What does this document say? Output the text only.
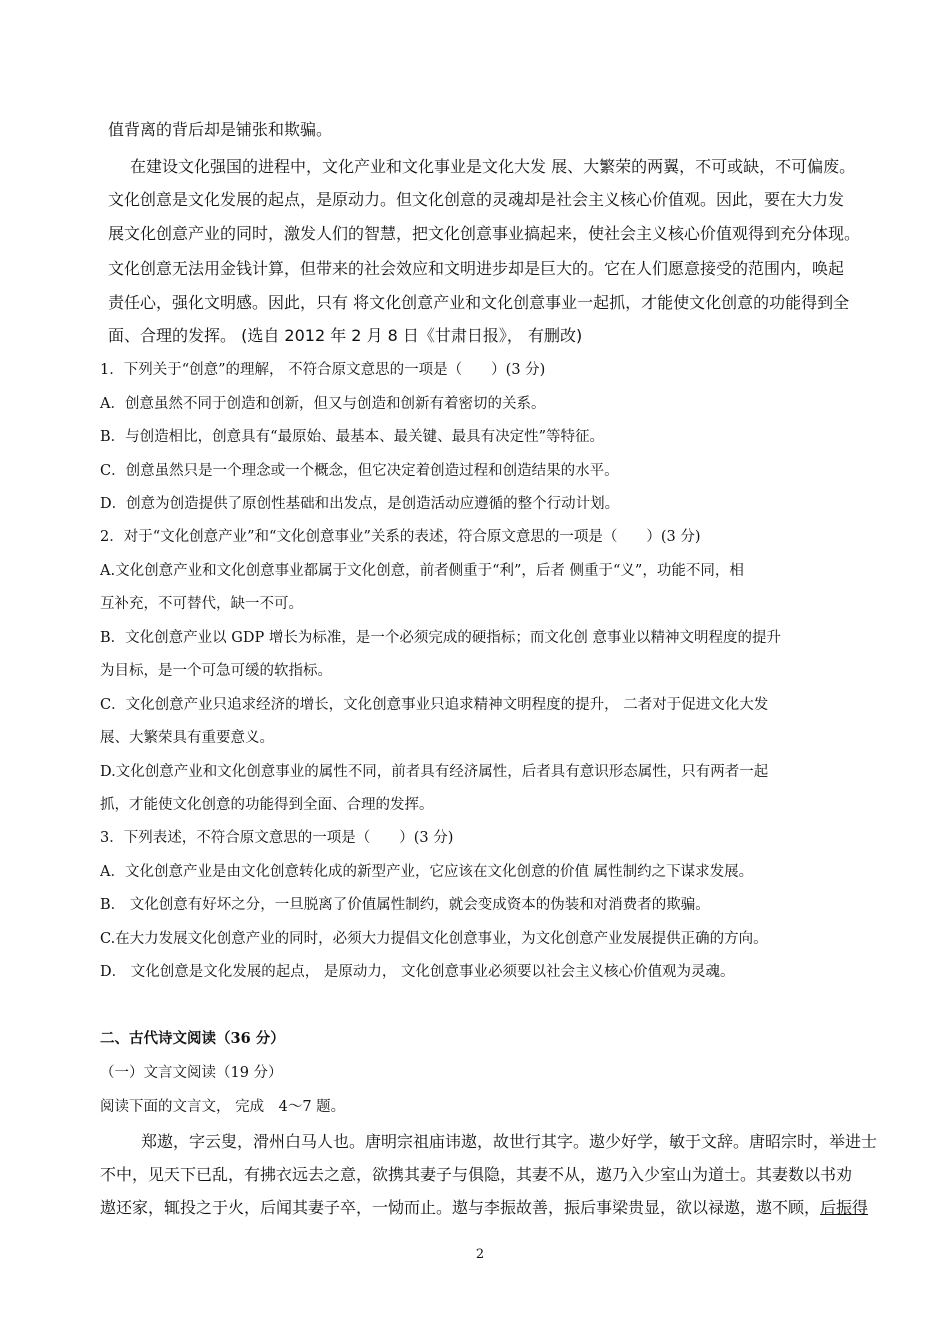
值背离的背后却是铺张和欺骗。
在建设文化强国的进程中，文化产业和文化事业是文化大发 展、大繁荣的两翼，不可或缺，不可偏废。
文化创意是文化发展的起点，是原动力。但文化创意的灵魂却是社会主义核心价值观。因此，要在大力发
展文化创意产业的同时，激发人们的智慧，把文化创意事业搞起来，使社会主义核心价值观得到充分体现。
文化创意无法用金钱计算，但带来的社会效应和文明进步却是巨大的。它在人们愿意接受的范围内，唤起
责任心，强化文明感。因此，只有 将文化创意产业和文化创意事业一起抓，才能使文化创意的功能得到全
面、合理的发挥。 (选自 2012 年 2 月 8 日《甘肃日报》， 有删改)
1．下列关于“创意”的理解， 不符合原文意思的一项是（　　）(3 分)
A．创意虽然不同于创造和创新，但又与创造和创新有着密切的关系。
B．与创造相比，创意具有“最原始、最基本、最关键、最具有决定性”等特征。
C．创意虽然只是一个理念或一个概念，但它决定着创造过程和创造结果的水平。
D．创意为创造提供了原创性基础和出发点，是创造活动应遵循的整个行动计划。
2．对于“文化创意产业”和“文化创意事业”关系的表述，符合原文意思的一项是（　　）(3 分)
A.文化创意产业和文化创意事业都属于文化创意，前者侧重于“利”，后者 侧重于“义”，功能不同，相
互补充，不可替代，缺一不可。
B．文化创意产业以 GDP 增长为标准，是一个必须完成的硬指标；而文化创 意事业以精神文明程度的提升
为目标，是一个可急可缓的软指标。
C．文化创意产业只追求经济的增长，文化创意事业只追求精神文明程度的提升， 二者对于促进文化大发
展、大繁荣具有重要意义。
D.文化创意产业和文化创意事业的属性不同，前者具有经济属性，后者具有意识形态属性，只有两者一起
抓，才能使文化创意的功能得到全面、合理的发挥。
3．下列表述，不符合原文意思的一项是（　　）(3 分)
A．文化创意产业是由文化创意转化成的新型产业，它应该在文化创意的价值 属性制约之下谋求发展。
B． 文化创意有好坏之分，一旦脱离了价值属性制约，就会变成资本的伪装和对消费者的欺骗。
C.在大力发展文化创意产业的同时，必须大力提倡文化创意事业，为文化创意产业发展提供正确的方向。
D． 文化创意是文化发展的起点， 是原动力， 文化创意事业必须要以社会主义核心价值观为灵魂。
二、古代诗文阅读（36 分）
（一）文言文阅读（19 分）
阅读下面的文言文， 完成　4～7 题。
郑遨，字云叟，滑州白马人也。唐明宗祖庙讳遨，故世行其字。遨少好学，敏于文辞。唐昭宗时，举进士
不中，见天下已乱，有拂衣远去之意，欲携其妻子与俱隐，其妻不从，遨乃入少室山为道士。其妻数以书劝
遨还家，辄投之于火，后闻其妻子卒，一恸而止。遨与李振故善，振后事梁贵显，欲以禄遨，遨不顾，后振得
2
